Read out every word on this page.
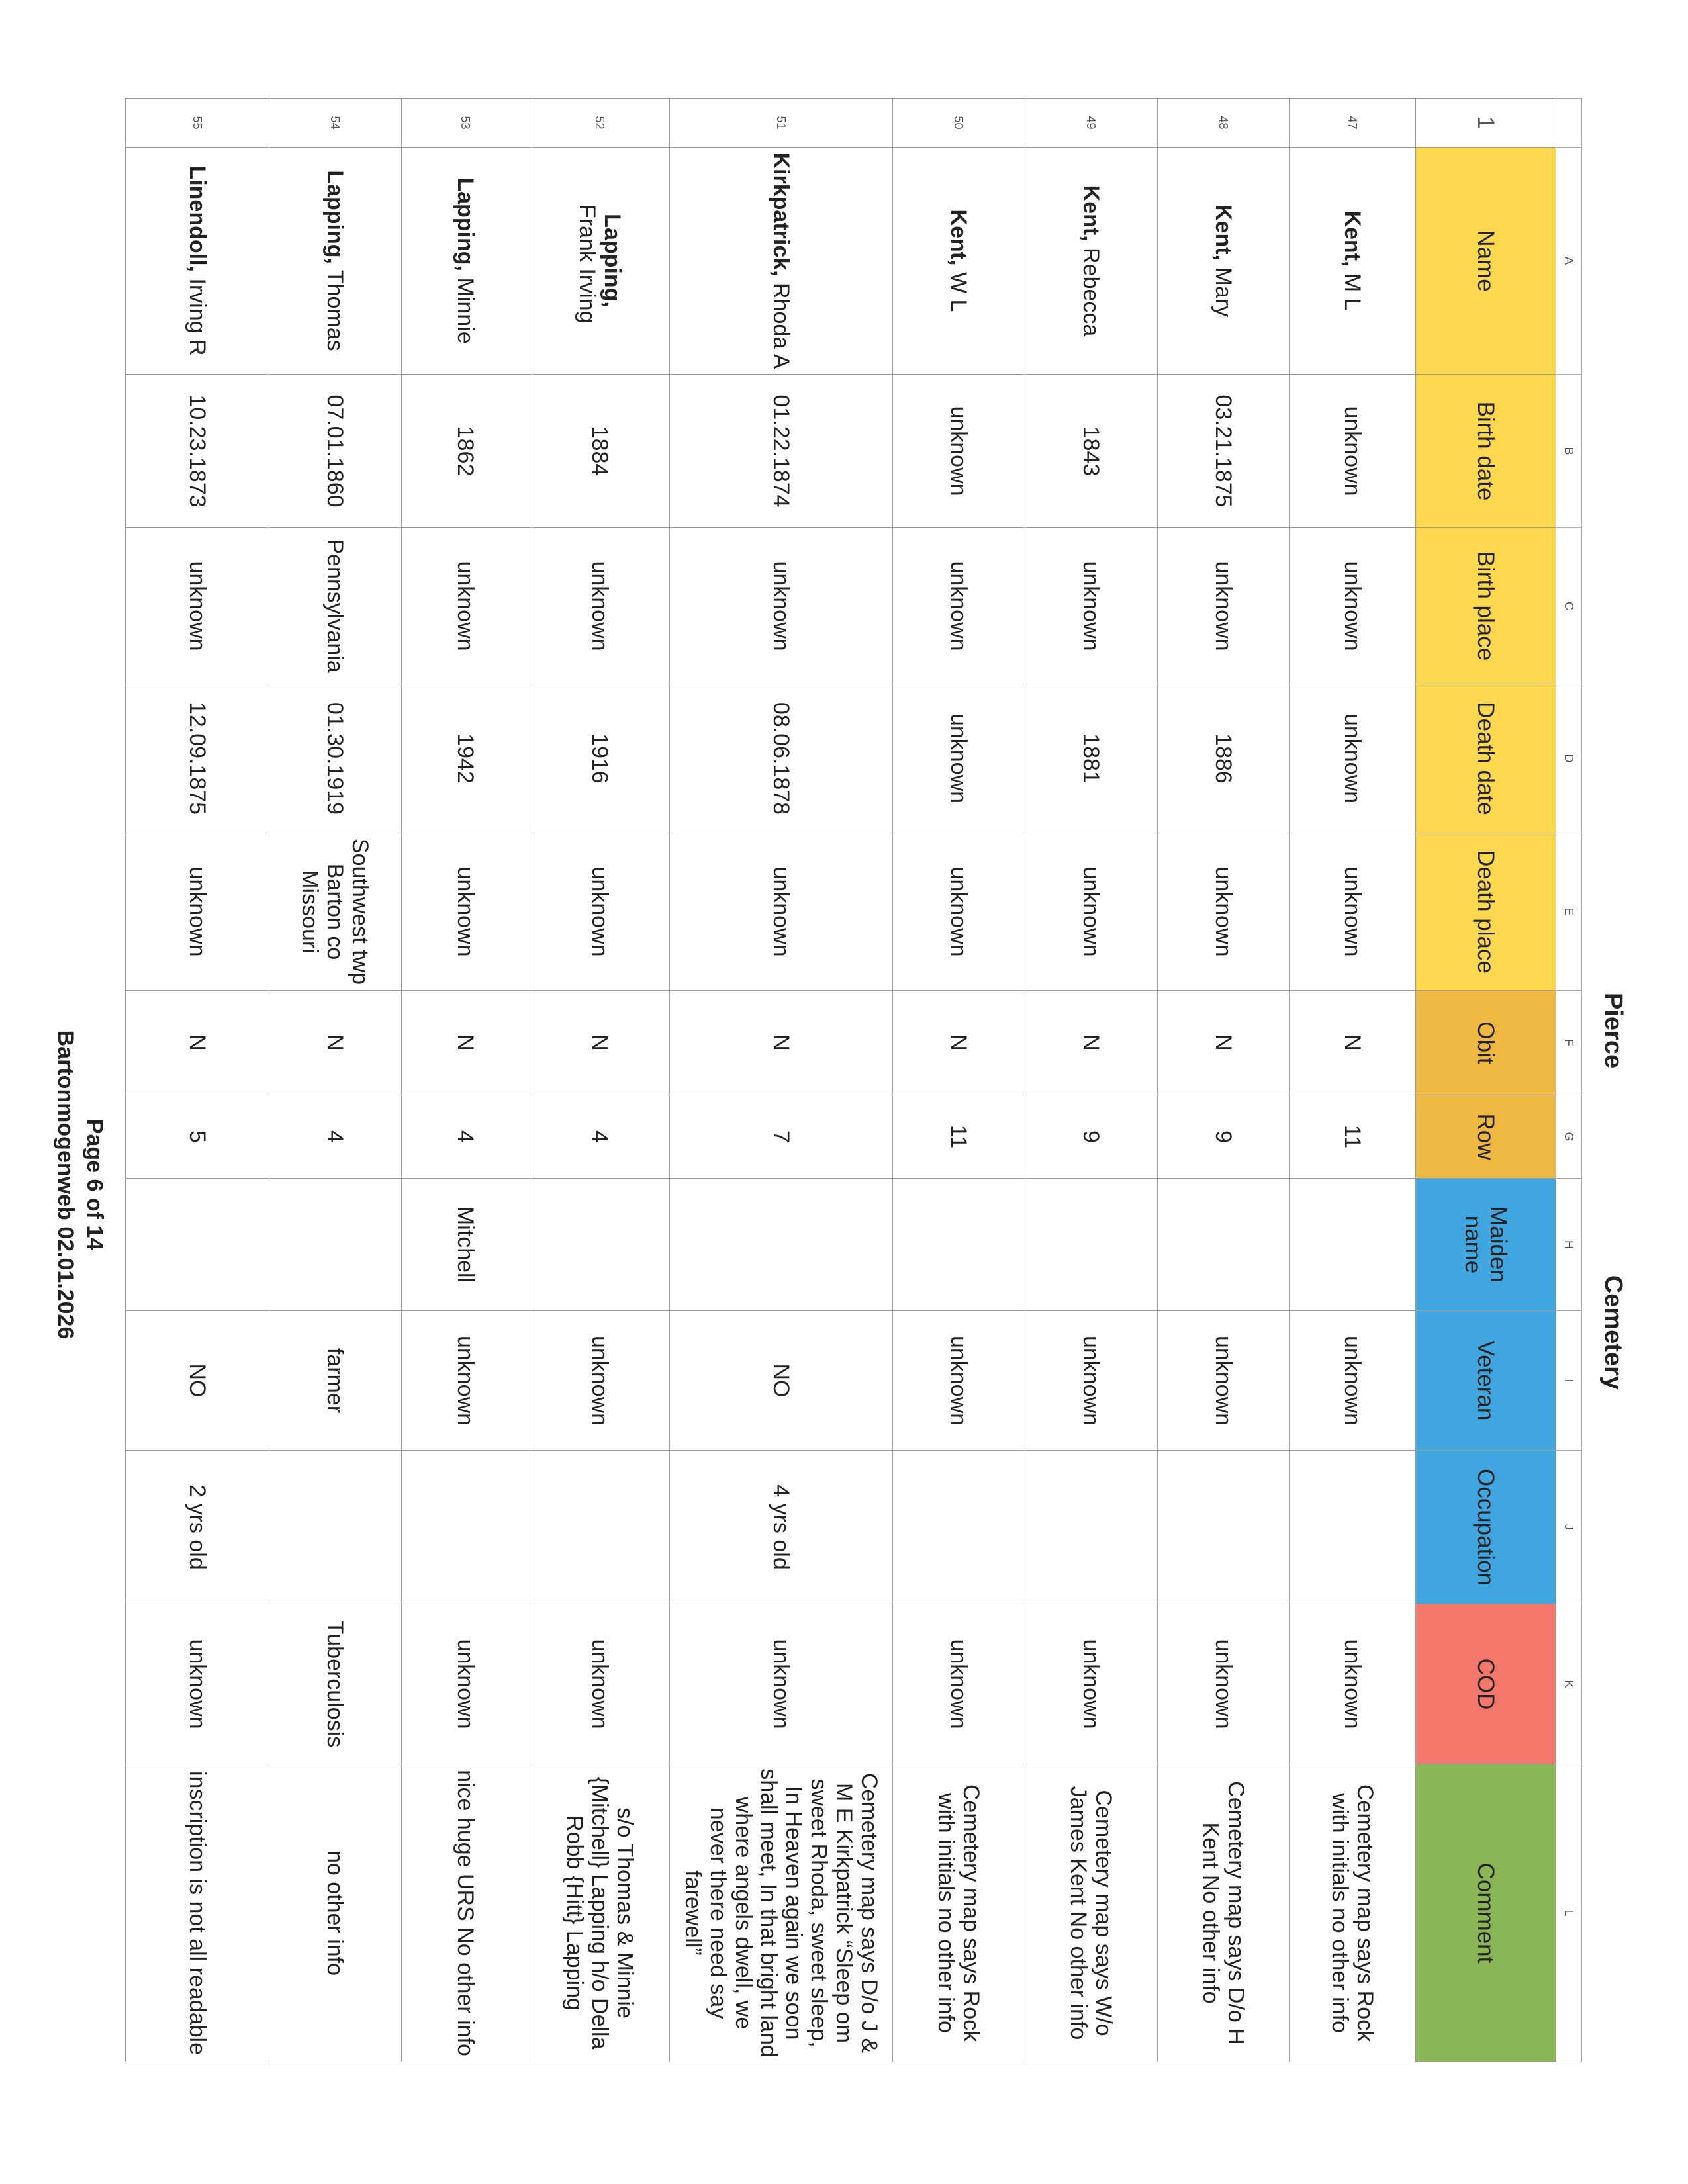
Pierce
Cemetery
	A	B	C	D	E	F	G	H	I	J	K	L
1	Name	Birth date	Birth place	Death date	Death place	Obit	Row	Maiden name	Veteran	Occupation	COD	Comment
47	Kent, M L	unknown	unknown	unknown	unknown	N	11		unknown		unknown	Cemetery map says Rock with initials no other info
48	Kent, Mary	03.21.1875	unknown	1886	unknown	N	9		unknown		unknown	Cemetery map says D/o H Kent No other info
49	Kent, Rebecca	1843	unknown	1881	unknown	N	9		unknown		unknown	Cemetery map says W/o James Kent No other info
50	Kent, W L	unknown	unknown	unknown	unknown	N	11		unknown		unknown	Cemetery map says Rock with initials no other info
51	Kirkpatrick, Rhoda A	01.22.1874	unknown	08.06.1878	unknown	N	7		NO	4 yrs old	unknown	Cemetery map says D/o J & M E Kirkpatrick “Sleep om sweet Rhoda, sweet sleep, In Heaven again we soon shall meet, In that bright land where angels dwell, we never there need say farewell”
52	Lapping, Frank Irving	1884	unknown	1916	unknown	N	4		unknown		unknown	s/o Thomas & Minnie {Mitchell} Lapping h/o Della Robb {Hitt} Lapping
53	Lapping, Minnie	1862	unknown	1942	unknown	N	4	Mitchell	unknown		unknown	nice huge URS No other info
54	Lapping, Thomas	07.01.1860	Pennsylvania	01.30.1919	Southwest twp Barton co Missouri	N	4		farmer		Tuberculosis	no other info
55	Linendoll, Irving R	10.23.1873	unknown	12.09.1875	unknown	N	5		NO	2 yrs old	unknown	inscription is not all readable
Page 6 of 14
Bartonmogenweb 02.01.2026
